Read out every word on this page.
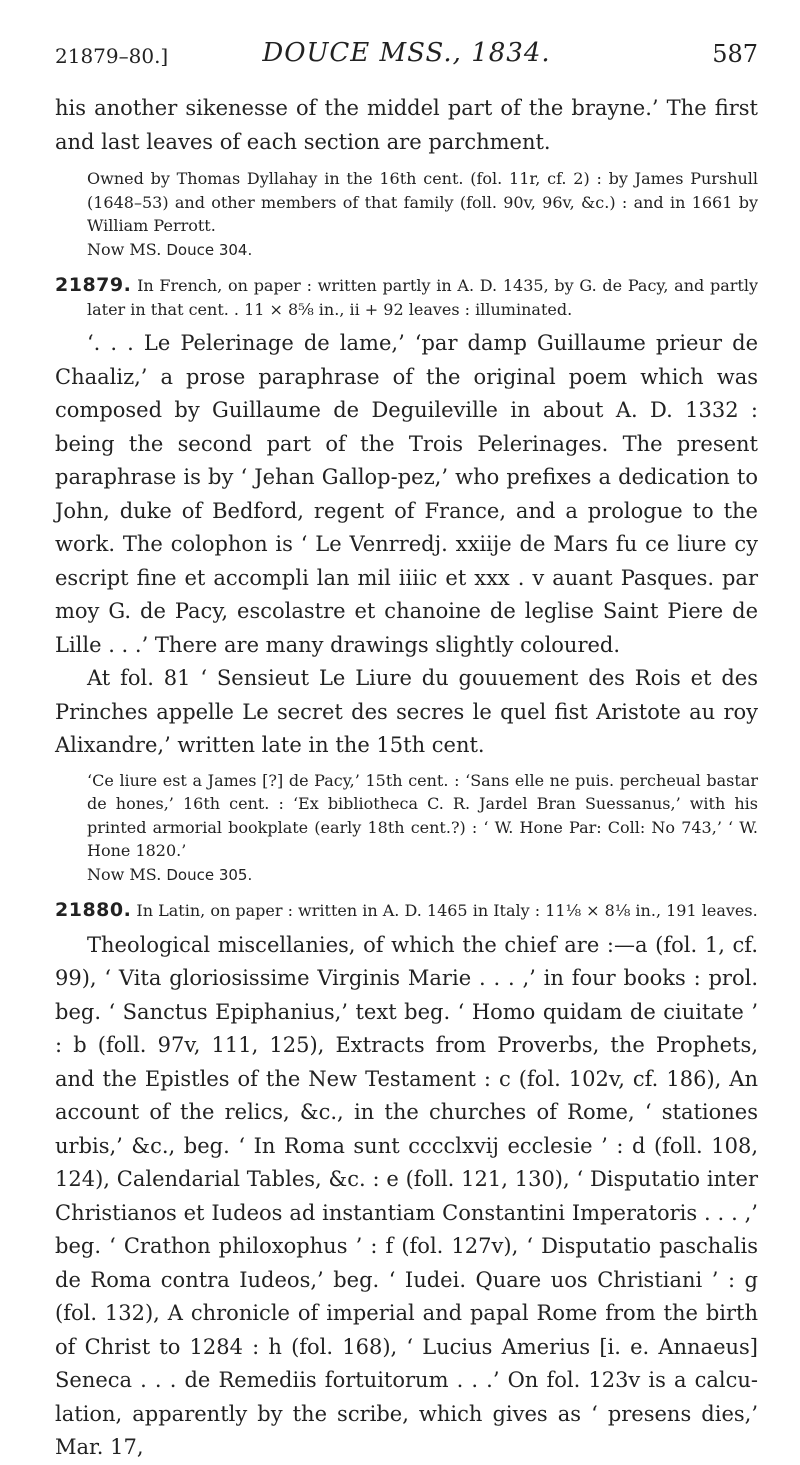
21879–80.]	DOUCE MSS., 1834.	587

his another sikenesse of the middel part of the brayne.’ The first and last leaves of each section are parchment.

Owned by Thomas Dyllahay in the 16th cent. (fol. 11r, cf. 2) : by James Purshull (1648–53) and other members of that family (foll. 90v, 96v, &c.) : and in 1661 by William Perrott.

Now MS. Douce 304.

21879. In French, on paper : written partly in A. D. 1435, by G. de Pacy, and partly later in that cent. . 11 × 8⅝ in., ii + 92 leaves : illuminated.

‘. . . Le Pelerinage de lame,’ ‘par damp Guillaume prieur de Chaaliz,’ a prose paraphrase of the original poem which was composed by Guillaume de Deguileville in about A. D. 1332 : being the second part of the Trois Pelerinages. The present paraphrase is by ‘ Jehan Gallop-pez,’ who prefixes a dedication to John, duke of Bedford, regent of France, and a prologue to the work. The colophon is ‘ Le Venrredj. xxiije de Mars fu ce liure cy escript fine et accompli lan mil iiiic et xxx . v auant Pasques. par moy G. de Pacy, escolastre et chanoine de leglise Saint Piere de Lille . . .’ There are many drawings slightly coloured.

At fol. 81 ‘ Sensieut Le Liure du gouuement des Rois et des Prinches appelle Le secret des secres le quel fist Aristote au roy Alixandre,’ written late in the 15th cent.

‘Ce liure est a James [?] de Pacy,’ 15th cent. : ‘Sans elle ne puis. percheual bastar de hones,’ 16th cent. : ‘Ex bibliotheca C. R. Jardel Bran Suessanus,’ with his printed armorial bookplate (early 18th cent.?) : ‘ W. Hone Par: Coll: No 743,’ ‘ W. Hone 1820.’

Now MS. Douce 305.

21880. In Latin, on paper : written in A. D. 1465 in Italy : 11⅛ × 8⅛ in., 191 leaves.

Theological miscellanies, of which the chief are :—a (fol. 1, cf. 99), ‘ Vita gloriosissime Virginis Marie . . . ,’ in four books : prol. beg. ‘ Sanctus Epiphanius,’ text beg. ‘ Homo quidam de ciuitate ’ : b (foll. 97v, 111, 125), Extracts from Proverbs, the Prophets, and the Epistles of the New Testament : c (fol. 102v, cf. 186), An account of the relics, &c., in the churches of Rome, ‘ stationes urbis,’ &c., beg. ‘ In Roma sunt cccclxvij ecclesie ’ : d (foll. 108, 124), Calendarial Tables, &c. : e (foll. 121, 130), ‘ Disputatio inter Christianos et Iudeos ad instantiam Constantini Imperatoris . . . ,’ beg. ‘ Crathon philoxophus ’ : f (fol. 127v), ‘ Disputatio paschalis de Roma contra Iudeos,’ beg. ‘ Iudei. Quare uos Christiani ’ : g (fol. 132), A chronicle of imperial and papal Rome from the birth of Christ to 1284 : h (fol. 168), ‘ Lucius Amerius [i. e. Annaeus] Seneca . . . de Remediis fortuitorum . . .’ On fol. 123v is a calcu-lation, apparently by the scribe, which gives as ‘ presens dies,’ Mar. 17,
